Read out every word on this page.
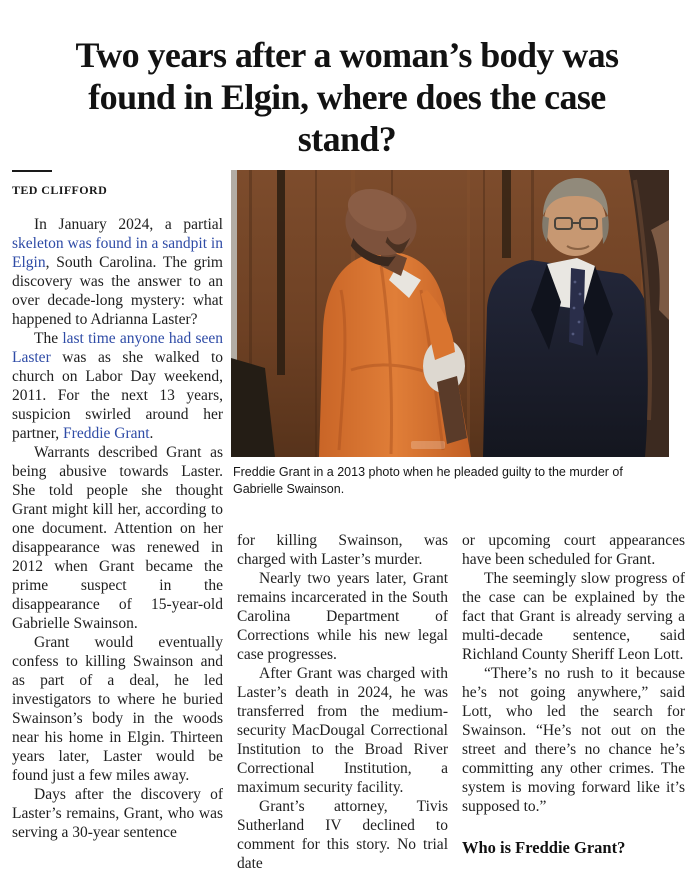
Two years after a woman’s body was found in Elgin, where does the case stand?
TED CLIFFORD
Freddie Grant in a 2013 photo when he pleaded guilty to the murder of Gabrielle Swainson.

In January 2024, a partial skeleton was found in a sandpit in Elgin, South Carolina. The grim discovery was the answer to an over decade-long mystery: what happened to Adrianna Laster?

The last time anyone had seen Laster was as she walked to church on Labor Day weekend, 2011. For the next 13 years, suspicion swirled around her partner, Freddie Grant.

Warrants described Grant as being abusive towards Laster. She told people she thought Grant might kill her, according to one document. Attention on her disappearance was renewed in 2012 when Grant became the prime suspect in the disappearance of 15-year-old Gabrielle Swainson.

Grant would eventually confess to killing Swainson and as part of a deal, he led investigators to where he buried Swainson’s body in the woods near his home in Elgin. Thirteen years later, Laster would be found just a few miles away.

Days after the discovery of Laster’s remains, Grant, who was serving a 30-year sentence

for killing Swainson, was charged with Laster’s murder.

Nearly two years later, Grant remains incarcerated in the South Carolina Department of Corrections while his new legal case progresses.

After Grant was charged with Laster’s death in 2024, he was transferred from the medium-security MacDougal Correctional Institution to the Broad River Correctional Institution, a maximum security facility.

Grant’s attorney, Tivis Sutherland IV declined to comment for this story. No trial date

or upcoming court appearances have been scheduled for Grant.

The seemingly slow progress of the case can be explained by the fact that Grant is already serving a multi-decade sentence, said Richland County Sheriff Leon Lott.

“There’s no rush to it because he’s not going anywhere,” said Lott, who led the search for Swainson. “He’s not out on the street and there’s no chance he’s committing any other crimes. The system is moving forward like it’s supposed to.”

Who is Freddie Grant?
